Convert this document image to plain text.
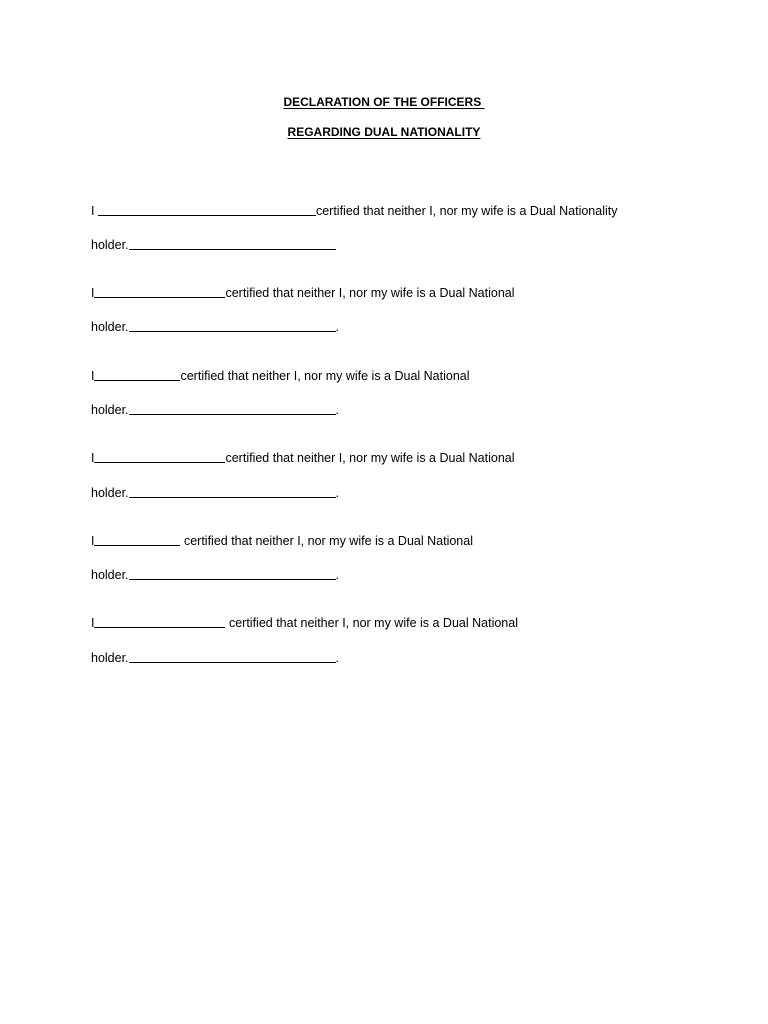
DECLARATION OF THE OFFICERS
REGARDING DUAL NATIONALITY
I	certified that neither I, nor my wife is a Dual Nationality
holder.
I	certified that neither I, nor my wife is a Dual National
holder.	.
I	certified that neither I, nor my wife is a Dual National
holder.	.
I	certified that neither I, nor my wife is a Dual National
holder.	.
I	certified that neither I, nor my wife is a Dual National
holder.	.
I	certified that neither I, nor my wife is a Dual National
holder.	.
